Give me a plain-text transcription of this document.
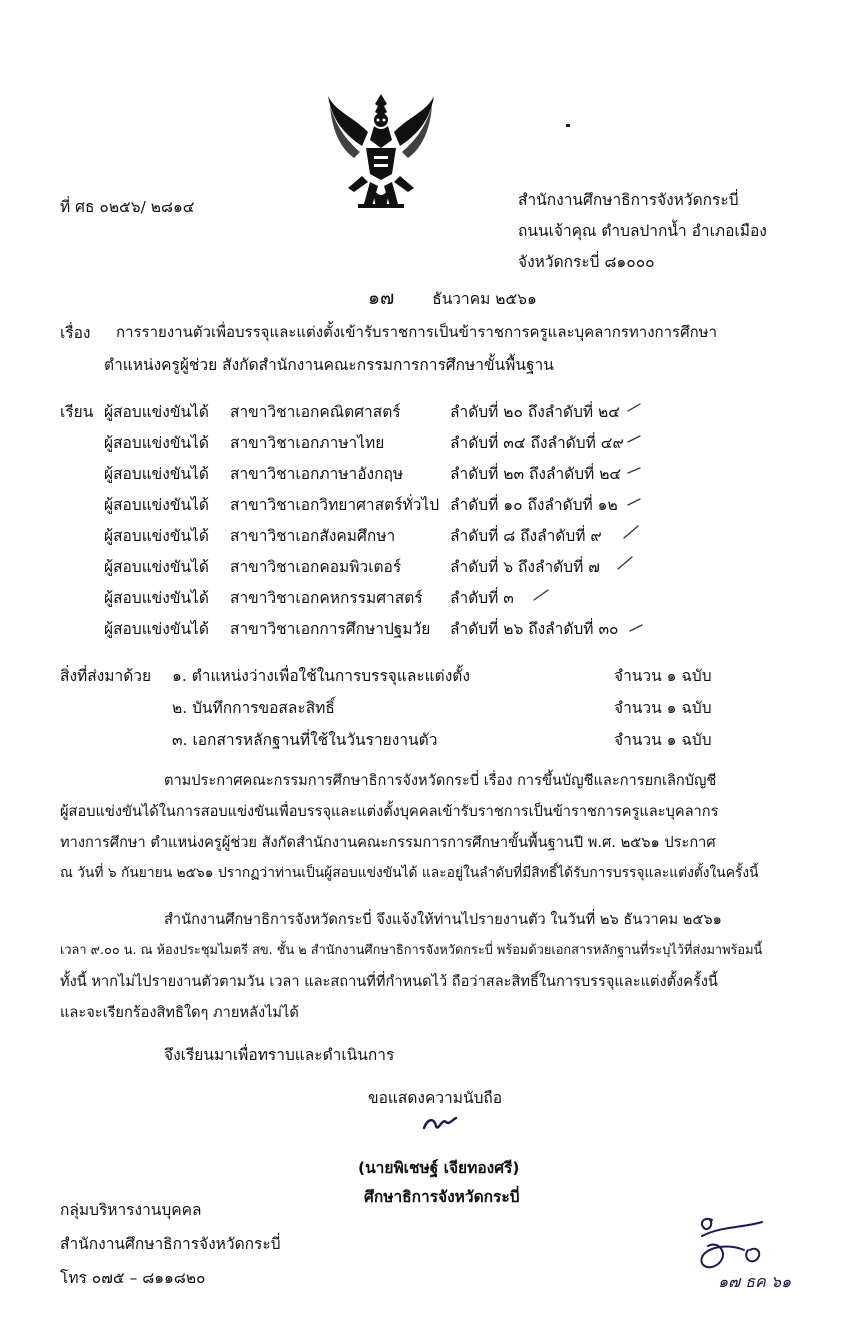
ที่ ศธ ๐๒๕๖/ ๒๘๑๔	สำนักงานศึกษาธิการจังหวัดกระบี่
ถนนเจ้าคุณ ตำบลปากน้ำ อำเภอเมือง
จังหวัดกระบี่ ๘๑๐๐๐
๑๗ ธันวาคม ๒๕๖๑
เรื่อง การรายงานตัวเพื่อบรรจุและแต่งตั้งเข้ารับราชการเป็นข้าราชการครูและบุคลากรทางการศึกษา
ตำแหน่งครูผู้ช่วย สังกัดสำนักงานคณะกรรมการการศึกษาขั้นพื้นฐาน
เรียน ผู้สอบแข่งขันได้ สาขาวิชาเอกคณิตศาสตร์	ลำดับที่ ๒๐ ถึงลำดับที่ ๒๔
ผู้สอบแข่งขันได้ สาขาวิชาเอกภาษาไทย	ลำดับที่ ๓๔ ถึงลำดับที่ ๔๙
ผู้สอบแข่งขันได้ สาขาวิชาเอกภาษาอังกฤษ	ลำดับที่ ๒๓ ถึงลำดับที่ ๒๔
ผู้สอบแข่งขันได้ สาขาวิชาเอกวิทยาศาสตร์ทั่วไป ลำดับที่ ๑๐ ถึงลำดับที่ ๑๒
ผู้สอบแข่งขันได้ สาขาวิชาเอกสังคมศึกษา	ลำดับที่ ๘ ถึงลำดับที่ ๙
ผู้สอบแข่งขันได้ สาขาวิชาเอกคอมพิวเตอร์	ลำดับที่ ๖ ถึงลำดับที่ ๗
ผู้สอบแข่งขันได้ สาขาวิชาเอกคหกรรมศาสตร์ ลำดับที่ ๓
ผู้สอบแข่งขันได้ สาขาวิชาเอกการศึกษาปฐมวัย ลำดับที่ ๒๖ ถึงลำดับที่ ๓๐
สิ่งที่ส่งมาด้วย ๑. ตำแหน่งว่างเพื่อใช้ในการบรรจุและแต่งตั้ง	จำนวน ๑ ฉบับ
๒. บันทึกการขอสละสิทธิ์	จำนวน ๑ ฉบับ
๓. เอกสารหลักฐานที่ใช้ในวันรายงานตัว	จำนวน ๑ ฉบับ
ตามประกาศคณะกรรมการศึกษาธิการจังหวัดกระบี่ เรื่อง การขึ้นบัญชีและการยกเลิกบัญชี
ผู้สอบแข่งขันได้ในการสอบแข่งขันเพื่อบรรจุและแต่งตั้งบุคคลเข้ารับราชการเป็นข้าราชการครูและบุคลากร
ทางการศึกษา ตำแหน่งครูผู้ช่วย สังกัดสำนักงานคณะกรรมการการศึกษาขั้นพื้นฐานปี พ.ศ. ๒๕๖๑ ประกาศ
ณ วันที่ ๖ กันยายน ๒๕๖๑ ปรากฏว่าท่านเป็นผู้สอบแข่งขันได้ และอยู่ในลำดับที่มีสิทธิ์ได้รับการบรรจุและแต่งตั้งในครั้งนี้
สำนักงานศึกษาธิการจังหวัดกระบี่ จึงแจ้งให้ท่านไปรายงานตัว ในวันที่ ๒๖ ธันวาคม ๒๕๖๑
เวลา ๙.๐๐ น. ณ ห้องประชุมไมตรี สข. ชั้น ๒ สำนักงานศึกษาธิการจังหวัดกระบี่ พร้อมด้วยเอกสารหลักฐานที่ระบุไว้ที่ส่งมาพร้อมนี้
ทั้งนี้ หากไม่ไปรายงานตัวตามวัน เวลา และสถานที่ที่กำหนดไว้ ถือว่าสละสิทธิ์ในการบรรจุและแต่งตั้งครั้งนี้
และจะเรียกร้องสิทธิใดๆ ภายหลังไม่ได้
จึงเรียนมาเพื่อทราบและดำเนินการ
ขอแสดงความนับถือ
(นายพิเชษฐ์ เจียทองศรี)
ศึกษาธิการจังหวัดกระบี่
กลุ่มบริหารงานบุคคล
สำนักงานศึกษาธิการจังหวัดกระบี่
โทร ๐๗๕ – ๘๑๑๘๒๐	๑๗ ธค ๖๑
